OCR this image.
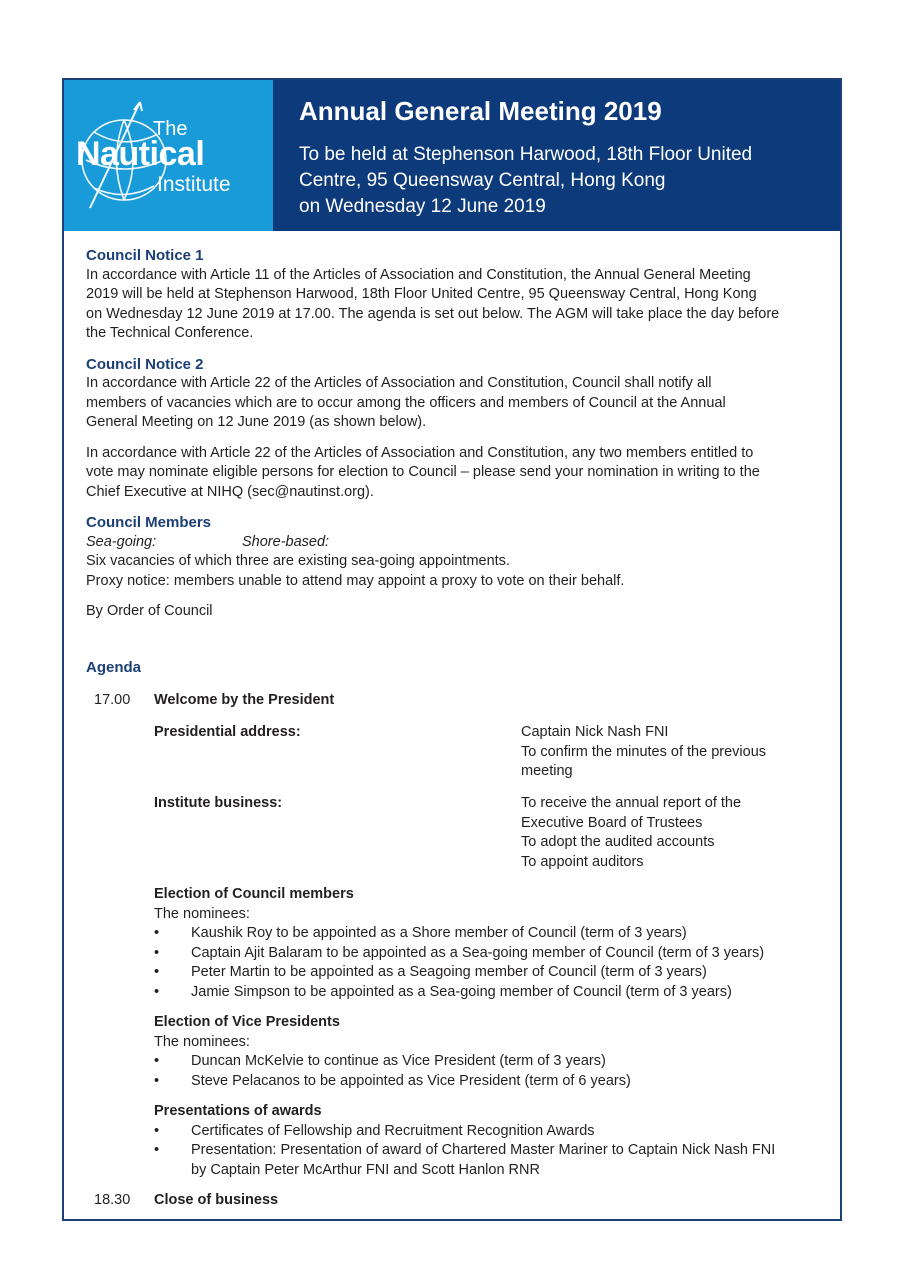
The
Nautical
Institute
Annual General Meeting 2019
To be held at Stephenson Harwood, 18th Floor United
Centre, 95 Queensway Central, Hong Kong
on Wednesday 12 June 2019
Council Notice 1
In accordance with Article 11 of the Articles of Association and Constitution, the Annual General Meeting
2019 will be held at Stephenson Harwood, 18th Floor United Centre, 95 Queensway Central, Hong Kong
on Wednesday 12 June 2019 at 17.00. The agenda is set out below. The AGM will take place the day before
the Technical Conference.
Council Notice 2
In accordance with Article 22 of the Articles of Association and Constitution, Council shall notify all
members of vacancies which are to occur among the officers and members of Council at the Annual
General Meeting on 12 June 2019 (as shown below).
In accordance with Article 22 of the Articles of Association and Constitution, any two members entitled to
vote may nominate eligible persons for election to Council – please send your nomination in writing to the
Chief Executive at NIHQ (sec@nautinst.org).
Council Members
Sea-going:	Shore-based:
Six vacancies of which three are existing sea-going appointments.
Proxy notice: members unable to attend may appoint a proxy to vote on their behalf.
By Order of Council
Agenda
17.00 Welcome by the President
Presidential address:	Captain Nick Nash FNI
To confirm the minutes of the previous
meeting
Institute business:	To receive the annual report of the
Executive Board of Trustees
To adopt the audited accounts
To appoint auditors
Election of Council members
The nominees:
• Kaushik Roy to be appointed as a Shore member of Council (term of 3 years)
• Captain Ajit Balaram to be appointed as a Sea-going member of Council (term of 3 years)
• Peter Martin to be appointed as a Seagoing member of Council (term of 3 years)
• Jamie Simpson to be appointed as a Sea-going member of Council (term of 3 years)
Election of Vice Presidents
The nominees:
• Duncan McKelvie to continue as Vice President (term of 3 years)
• Steve Pelacanos to be appointed as Vice President (term of 6 years)
Presentations of awards
• Certificates of Fellowship and Recruitment Recognition Awards
• Presentation: Presentation of award of Chartered Master Mariner to Captain Nick Nash FNI
by Captain Peter McArthur FNI and Scott Hanlon RNR
18.30 Close of business
